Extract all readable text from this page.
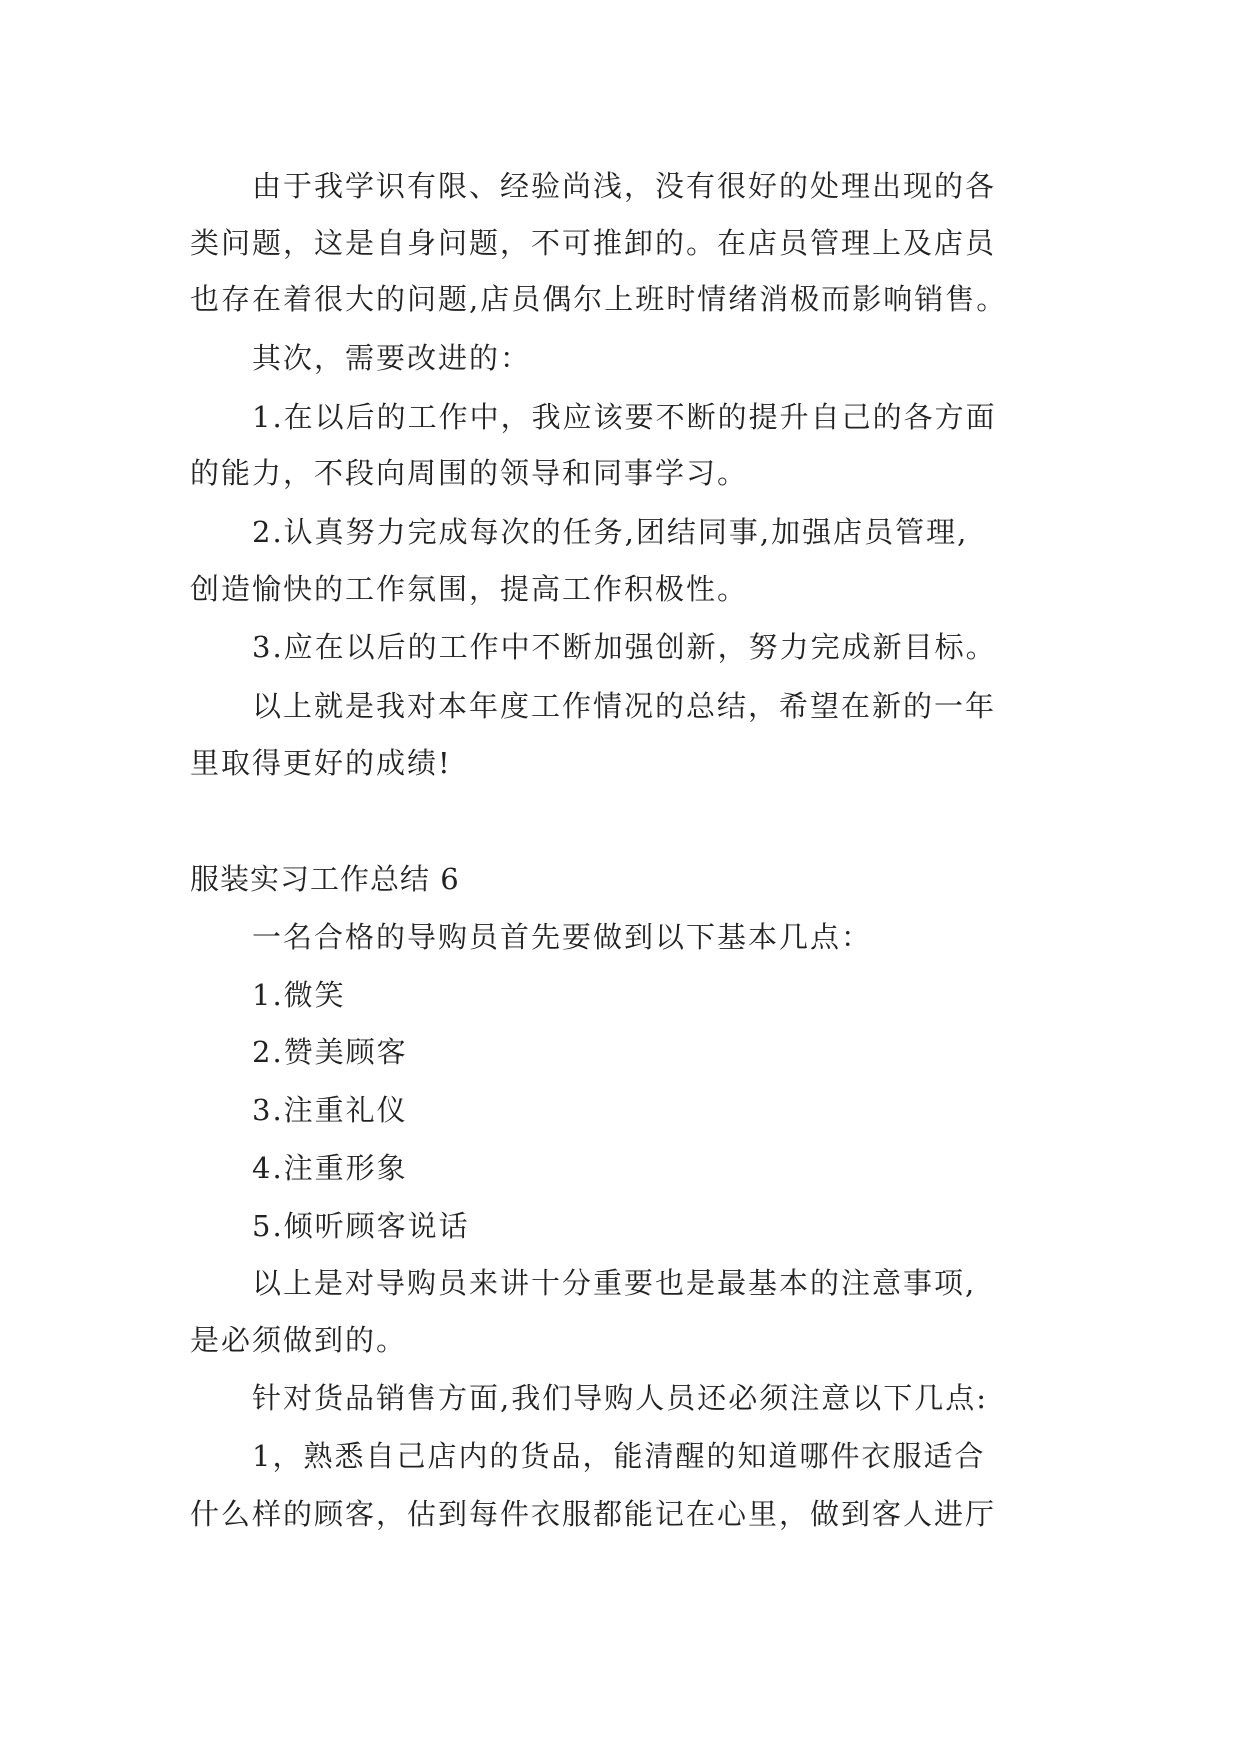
由于我学识有限、经验尚浅，没有很好的处理出现的各
类问题，这是自身问题，不可推卸的。在店员管理上及店员
也存在着很大的问题,店员偶尔上班时情绪消极而影响销售。
其次，需要改进的：
1.在以后的工作中，我应该要不断的提升自己的各方面
的能力，不段向周围的领导和同事学习。
2.认真努力完成每次的任务,团结同事,加强店员管理,
创造愉快的工作氛围，提高工作积极性。
3.应在以后的工作中不断加强创新，努力完成新目标。
以上就是我对本年度工作情况的总结，希望在新的一年
里取得更好的成绩!
服装实习工作总结 6
一名合格的导购员首先要做到以下基本几点：
1.微笑
2.赞美顾客
3.注重礼仪
4.注重形象
5.倾听顾客说话
以上是对导购员来讲十分重要也是最基本的注意事项,
是必须做到的。
针对货品销售方面,我们导购人员还必须注意以下几点:
1，熟悉自己店内的货品，能清醒的知道哪件衣服适合
什么样的顾客，估到每件衣服都能记在心里，做到客人进厅
